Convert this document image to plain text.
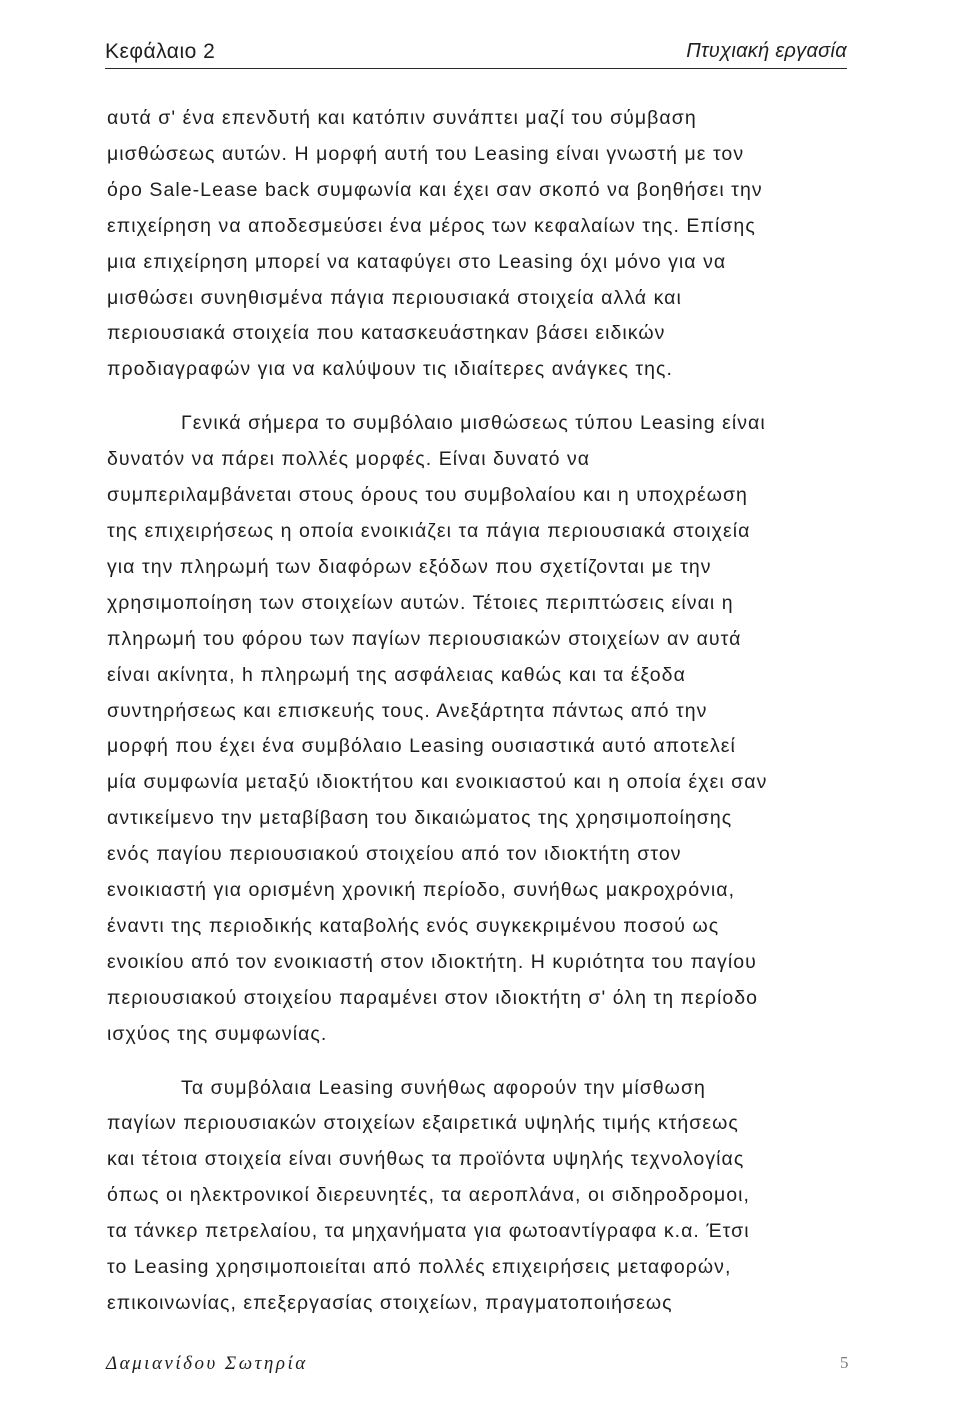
Κεφάλαιο 2	Πτυχιακή εργασία
αυτά σ' ένα επενδυτή και κατόπιν συνάπτει μαζί του σύμβαση
μισθώσεως αυτών. Η μορφή αυτή του Leasing είναι γνωστή με τον
όρο Sale-Lease back συμφωνία και έχει σαν σκοπό να βοηθήσει την
επιχείρηση να αποδεσμεύσει ένα μέρος των κεφαλαίων της. Επίσης
μια επιχείρηση μπορεί να καταφύγει στο Leasing όχι μόνο για να
μισθώσει συνηθισμένα πάγια περιουσιακά στοιχεία αλλά και
περιουσιακά στοιχεία που κατασκευάστηκαν βάσει ειδικών
προδιαγραφών για να καλύψουν τις ιδιαίτερες ανάγκες της.
Γενικά σήμερα το συμβόλαιο μισθώσεως τύπου Leasing είναι
δυνατόν να πάρει πολλές μορφές. Είναι δυνατό να
συμπεριλαμβάνεται στους όρους του συμβολαίου και η υποχρέωση
της επιχειρήσεως η οποία ενοικιάζει τα πάγια περιουσιακά στοιχεία
για την πληρωμή των διαφόρων εξόδων που σχετίζονται με την
χρησιμοποίηση των στοιχείων αυτών. Τέτοιες περιπτώσεις είναι η
πληρωμή του φόρου των παγίων περιουσιακών στοιχείων αν αυτά
είναι ακίνητα, h πληρωμή της ασφάλειας καθώς και τα έξοδα
συντηρήσεως και επισκευής τους. Ανεξάρτητα πάντως από την
μορφή που έχει ένα συμβόλαιο Leasing ουσιαστικά αυτό αποτελεί
μία συμφωνία μεταξύ ιδιοκτήτου και ενοικιαστού και η οποία έχει σαν
αντικείμενο την μεταβίβαση του δικαιώματος της χρησιμοποίησης
ενός παγίου περιουσιακού στοιχείου από τον ιδιοκτήτη στον
ενοικιαστή για ορισμένη χρονική περίοδο, συνήθως μακροχρόνια,
έναντι της περιοδικής καταβολής ενός συγκεκριμένου ποσού ως
ενοικίου από τον ενοικιαστή στον ιδιοκτήτη. Η κυριότητα του παγίου
περιουσιακού στοιχείου παραμένει στον ιδιοκτήτη σ' όλη τη περίοδο
ισχύος της συμφωνίας.
Τα συμβόλαια Leasing συνήθως αφορούν την μίσθωση
παγίων περιουσιακών στοιχείων εξαιρετικά υψηλής τιμής κτήσεως
και τέτοια στοιχεία είναι συνήθως τα προϊόντα υψηλής τεχνολογίας
όπως οι ηλεκτρονικοί διερευνητές, τα αεροπλάνα, οι σιδηροδρομοι,
τα τάνκερ πετρελαίου, τα μηχανήματα για φωτοαντίγραφα κ.α. Έτσι
το Leasing χρησιμοποιείται από πολλές επιχειρήσεις μεταφορών,
επικοινωνίας, επεξεργασίας στοιχείων, πραγματοποιήσεως
Δαμιανίδου Σωτηρία	5
